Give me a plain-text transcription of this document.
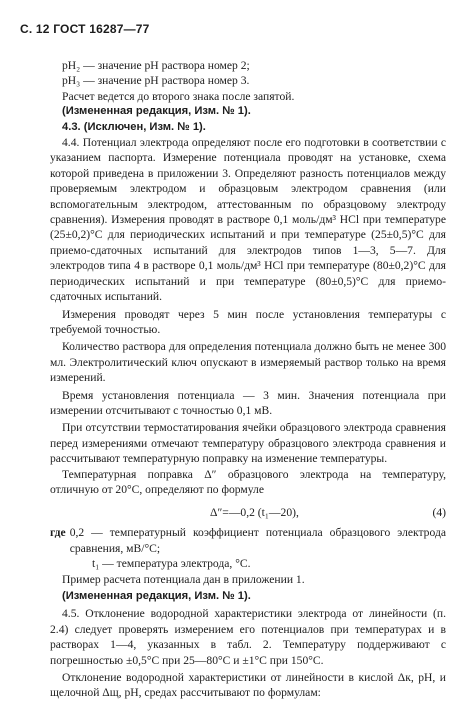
С. 12 ГОСТ 16287—77

pH₂ — значение pH раствора номер 2;

pH₃ — значение pH раствора номер 3.

Расчет ведется до второго знака после запятой.

(Измененная редакция, Изм. № 1).

4.3. (Исключен, Изм. № 1).

4.4. Потенциал электрода определяют после его подготовки в соответствии с указанием паспорта. Измерение потенциала проводят на установке, схема которой приведена в приложении 3. Определяют разность потенциалов между проверяемым электродом и образцовым электродом сравнения (или вспомогательным электродом, аттестованным по образцовому электроду сравнения). Измерения проводят в растворе 0,1 моль/дм³ HCl при температуре (25±0,2)°С для периодических испытаний и при температуре (25±0,5)°С для приемо-сдаточных испытаний для электродов типов 1—3, 5—7. Для электродов типа 4 в растворе 0,1 моль/дм³ HCl при температуре (80±0,2)°С для периодических испытаний и при температуре (80±0,5)°С для приемо-сдаточных испытаний.

Измерения проводят через 5 мин после установления температуры с требуемой точностью.

Количество раствора для определения потенциала должно быть не менее 300 мл. Электролитический ключ опускают в измеряемый раствор только на время измерений.

Время установления потенциала — 3 мин. Значения потенциала при измерении отсчитывают с точностью 0,1 мВ.

При отсутствии термостатирования ячейки образцового электрода сравнения перед измерениями отмечают температуру образцового электрода сравнения и рассчитывают температурную поправку на изменение температуры.

Температурная поправка Δ″ образцового электрода на температуру, отличную от 20°С, определяют по формуле

Δ″=—0,2 (t₁—20),	(4)
где 0,2 — температурный коэффициент потенциала образцового электрода сравнения, мВ/°С;

t₁ — температура электрода, °С.

Пример расчета потенциала дан в приложении 1.

(Измененная редакция, Изм. № 1).

4.5. Отклонение водородной характеристики электрода от линейности (п. 2.4) следует проверять измерением его потенциалов при температурах и в растворах 1—4, указанных в табл. 2. Температуру поддерживают с погрешностью ±0,5°С при 25—80°С и ±1°С при 150°С.

Отклонение водородной характеристики от линейности в кислой Δк, pH, и щелочной Δщ, pH, средах рассчитывают по формулам:
